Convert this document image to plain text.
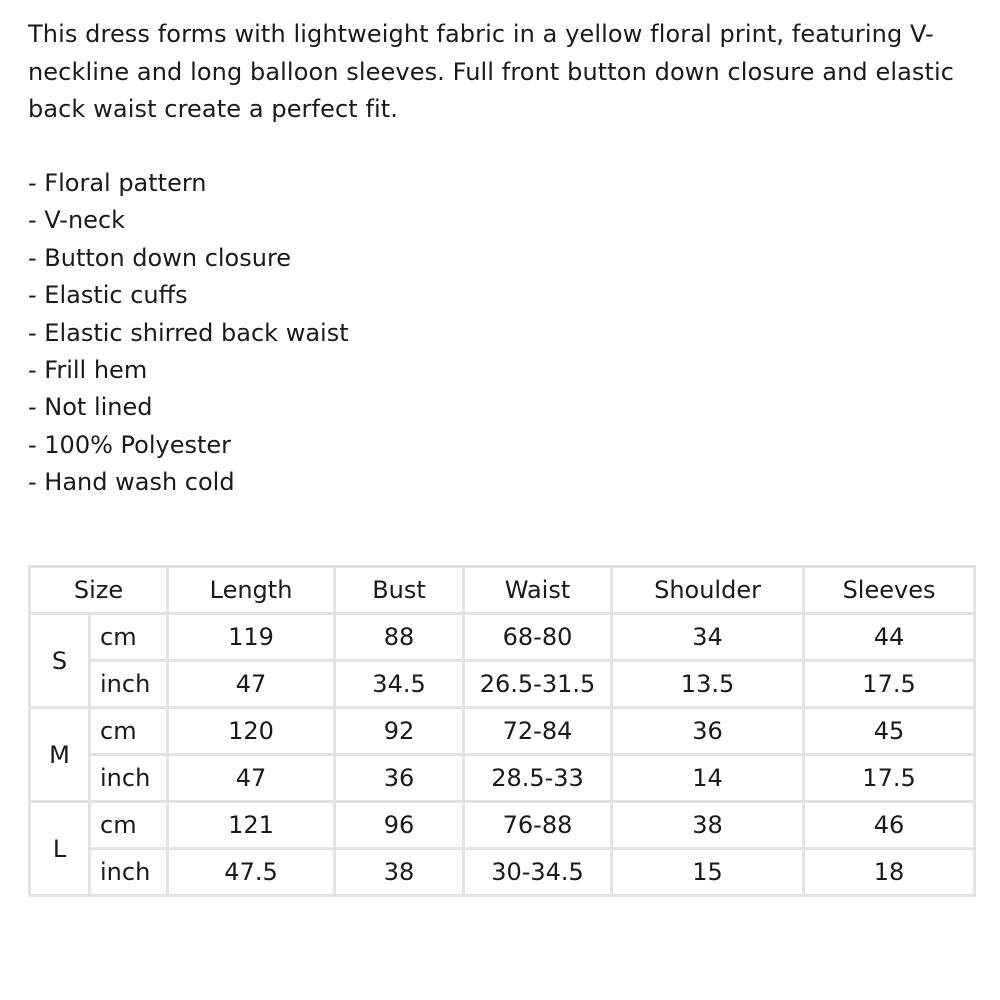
This dress forms with lightweight fabric in a yellow floral print, featuring V-neckline and long balloon sleeves. Full front button down closure and elastic back waist create a perfect fit.

- Floral pattern
- V-neck
- Button down closure
- Elastic cuffs
- Elastic shirred back waist
- Frill hem
- Not lined
- 100% Polyester
- Hand wash cold
Size		Length	Bust	Waist	Shoulder	Sleeves
S	cm	119	88	68-80	34	44
	inch	47	34.5	26.5-31.5	13.5	17.5
M	cm	120	92	72-84	36	45
	inch	47	36	28.5-33	14	17.5
L	cm	121	96	76-88	38	46
	inch	47.5	38	30-34.5	15	18
